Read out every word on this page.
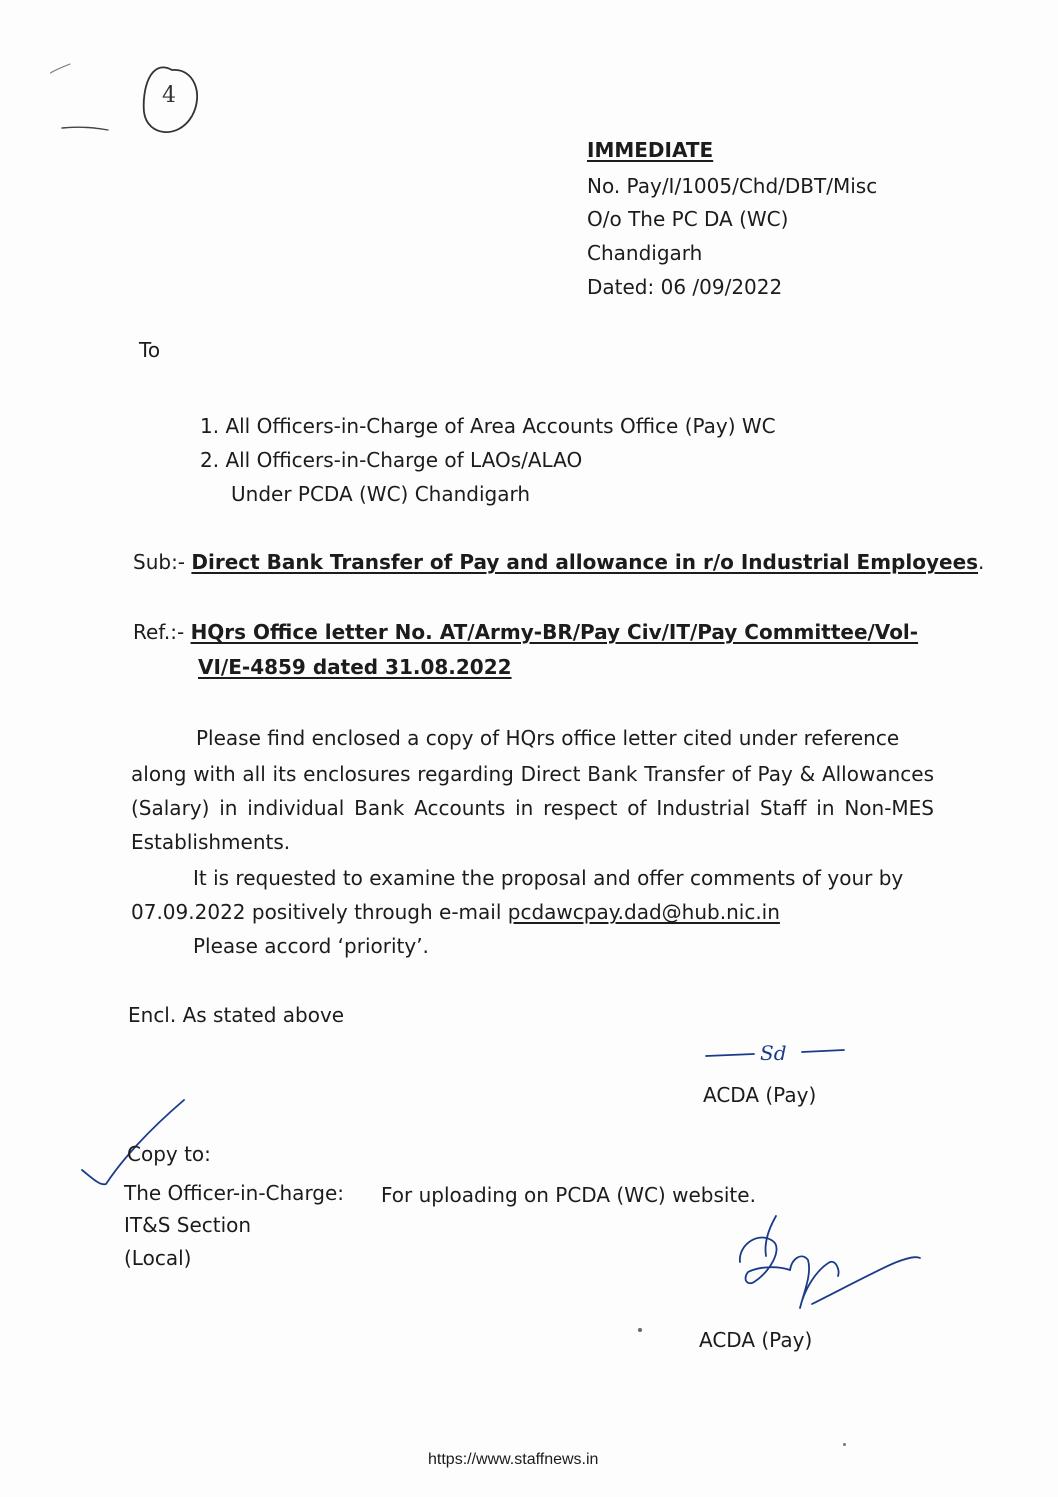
4
IMMEDIATE
No. Pay/I/1005/Chd/DBT/Misc
O/o The PC DA (WC)
Chandigarh
Dated: 06 /09/2022
To
1. All Officers-in-Charge of Area Accounts Office (Pay) WC
2. All Officers-in-Charge of LAOs/ALAO
Under PCDA (WC) Chandigarh
Sub:- Direct Bank Transfer of Pay and allowance in r/o Industrial Employees.
Ref.:- HQrs Office letter No. AT/Army-BR/Pay Civ/IT/Pay Committee/Vol-
VI/E-4859 dated 31.08.2022
Please find enclosed a copy of HQrs office letter cited under reference
along with all its enclosures regarding Direct Bank Transfer of Pay & Allowances (Salary) in individual Bank Accounts in respect of Industrial Staff in Non-MES Establishments.
It is requested to examine the proposal and offer comments of your by
07.09.2022 positively through e-mail pcdawcpay.dad@hub.nic.in
Please accord ‘priority’.
Encl. As stated above
Sd
ACDA (Pay)
Copy to:
The Officer-in-Charge:
IT&S Section
(Local)
For uploading on PCDA (WC) website.
ACDA (Pay)
https://www.staffnews.in
